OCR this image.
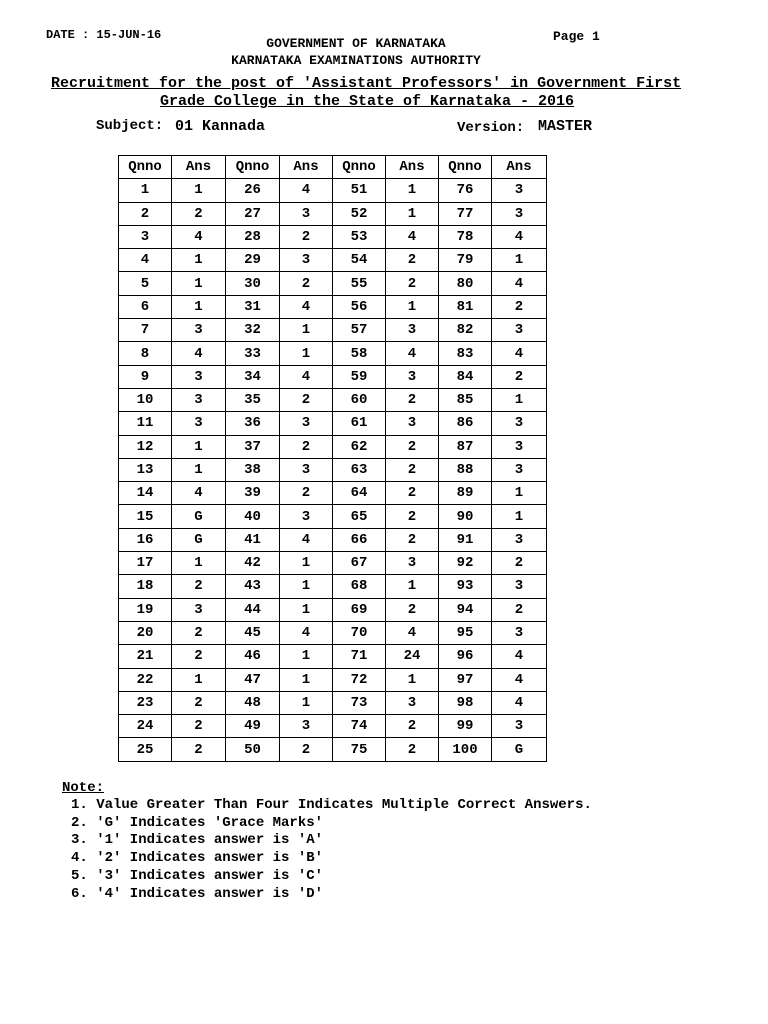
DATE : 15-JUN-16	Page 1
GOVERNMENT OF KARNATAKA
KARNATAKA EXAMINATIONS AUTHORITY
Recruitment for the post of 'Assistant Professors' in Government First
Grade College in the State of Karnataka - 2016
Subject: 01 Kannada	Version: MASTER
Qnno	Ans	Qnno	Ans	Qnno	Ans	Qnno	Ans
1	1	26	4	51	1	76	3
2	2	27	3	52	1	77	3
3	4	28	2	53	4	78	4
4	1	29	3	54	2	79	1
5	1	30	2	55	2	80	4
6	1	31	4	56	1	81	2
7	3	32	1	57	3	82	3
8	4	33	1	58	4	83	4
9	3	34	4	59	3	84	2
10	3	35	2	60	2	85	1
11	3	36	3	61	3	86	3
12	1	37	2	62	2	87	3
13	1	38	3	63	2	88	3
14	4	39	2	64	2	89	1
15	G	40	3	65	2	90	1
16	G	41	4	66	2	91	3
17	1	42	1	67	3	92	2
18	2	43	1	68	1	93	3
19	3	44	1	69	2	94	2
20	2	45	4	70	4	95	3
21	2	46	1	71	24	96	4
22	1	47	1	72	1	97	4
23	2	48	1	73	3	98	4
24	2	49	3	74	2	99	3
25	2	50	2	75	2	100	G
Note:
1. Value Greater Than Four Indicates Multiple Correct Answers.
2. 'G' Indicates 'Grace Marks'
3. '1' Indicates answer is 'A'
4. '2' Indicates answer is 'B'
5. '3' Indicates answer is 'C'
6. '4' Indicates answer is 'D'
